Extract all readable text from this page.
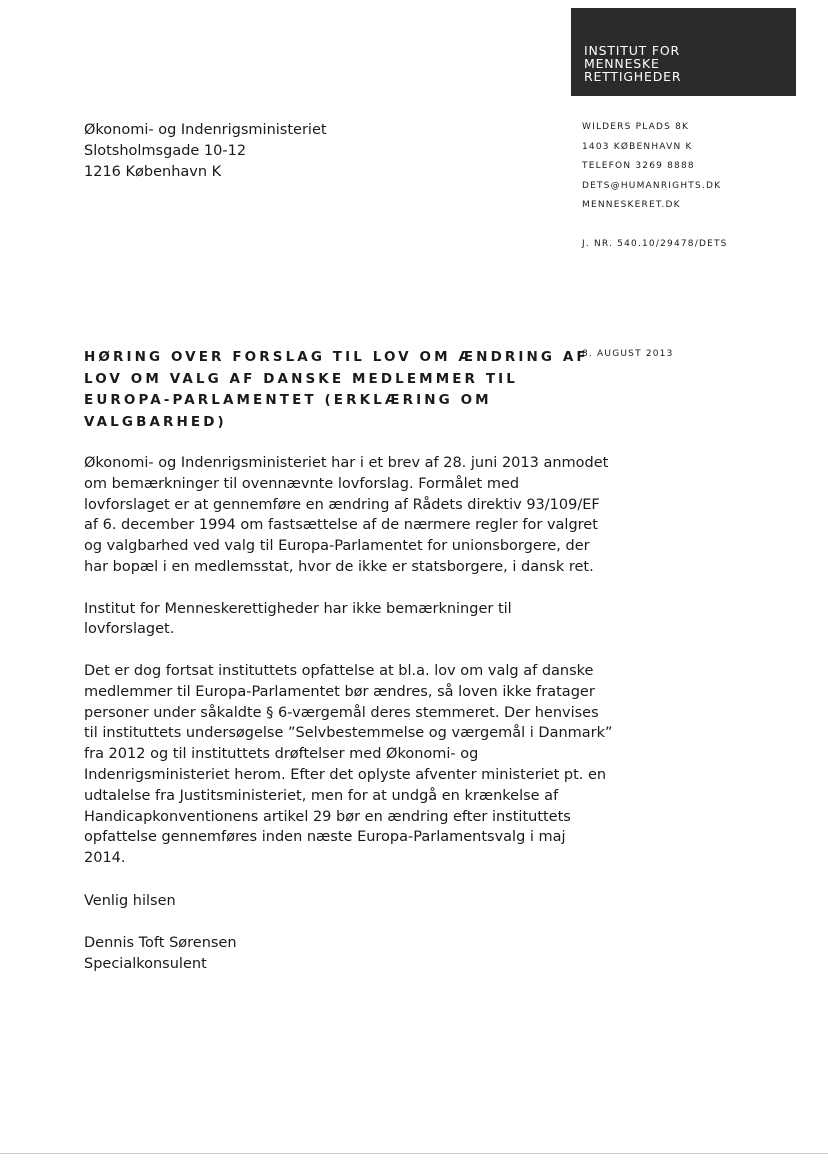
INSTITUT FOR
MENNESKE
RETTIGHEDER
Økonomi- og Indenrigsministeriet
Slotsholmsgade 10-12
1216 København K
WILDERS PLADS 8K
1403 KØBENHAVN K
TELEFON 3269 8888
DETS@HUMANRIGHTS.DK
MENNESKERET.DK
J. NR. 540.10/29478/DETS
8. AUGUST 2013
HØRING OVER FORSLAG TIL LOV OM ÆNDRING AF
LOV OM VALG AF DANSKE MEDLEMMER TIL
EUROPA-PARLAMENTET (ERKLÆRING OM
VALGBARHED)
Økonomi- og Indenrigsministeriet har i et brev af 28. juni 2013 anmodet
om bemærkninger til ovennævnte lovforslag. Formålet med
lovforslaget er at gennemføre en ændring af Rådets direktiv 93/109/EF
af 6. december 1994 om fastsættelse af de nærmere regler for valgret
og valgbarhed ved valg til Europa-Parlamentet for unionsborgere, der
har bopæl i en medlemsstat, hvor de ikke er statsborgere, i dansk ret.
Institut for Menneskerettigheder har ikke bemærkninger til
lovforslaget.
Det er dog fortsat instituttets opfattelse at bl.a. lov om valg af danske
medlemmer til Europa-Parlamentet bør ændres, så loven ikke fratager
personer under såkaldte § 6-værgemål deres stemmeret. Der henvises
til instituttets undersøgelse ”Selvbestemmelse og værgemål i Danmark”
fra 2012 og til instituttets drøftelser med Økonomi- og
Indenrigsministeriet herom. Efter det oplyste afventer ministeriet pt. en
udtalelse fra Justitsministeriet, men for at undgå en krænkelse af
Handicapkonventionens artikel 29 bør en ændring efter instituttets
opfattelse gennemføres inden næste Europa-Parlamentsvalg i maj
2014.
Venlig hilsen
Dennis Toft Sørensen
Specialkonsulent
